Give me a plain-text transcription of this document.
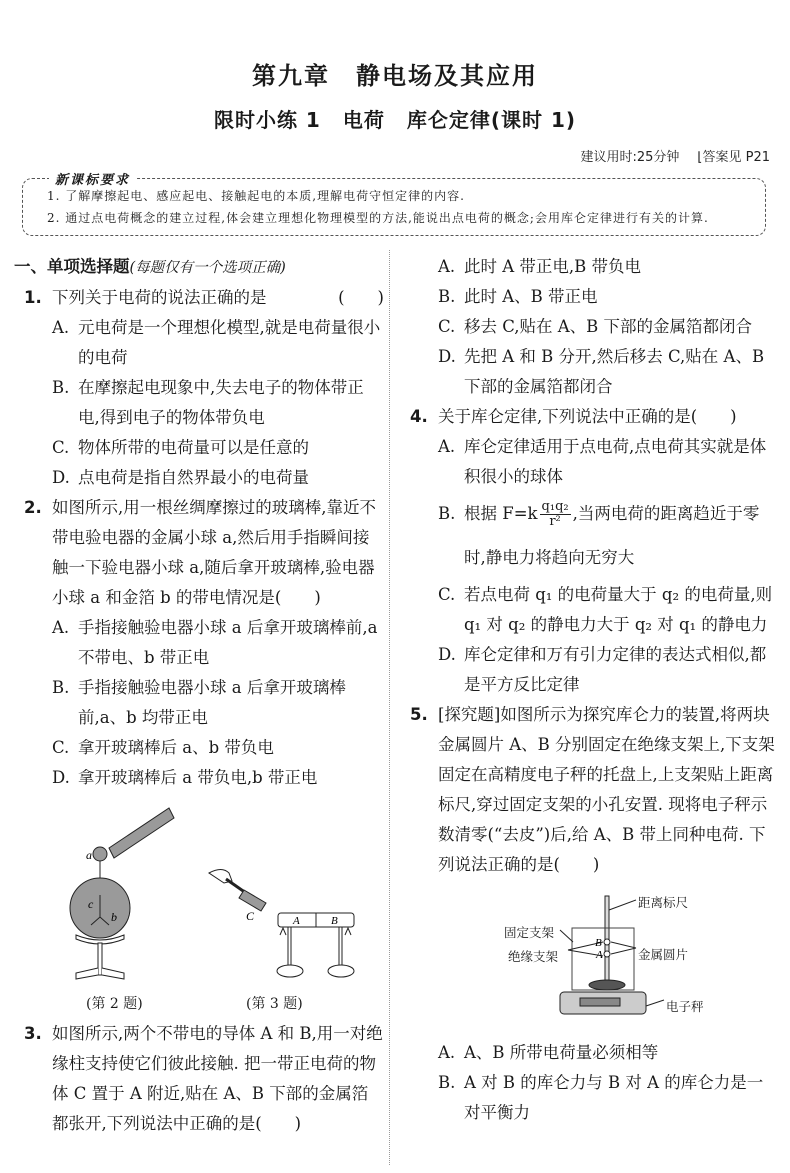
第九章 静电场及其应用
限时小练 1 电荷 库仑定律(课时 1)
建议用时:25分钟 ⌊答案见 P21
新课标要求
1. 了解摩擦起电、感应起电、接触起电的本质,理解电荷守恒定律的内容.
2. 通过点电荷概念的建立过程,体会建立理想化物理模型的方法,能说出点电荷的概念;会用库仑定律进行有关的计算.
一、单项选择题(每题仅有一个选项正确)
1. 下列关于电荷的说法正确的是	(　　)
A. 元电荷是一个理想化模型,就是电荷量很小的电荷
B. 在摩擦起电现象中,失去电子的物体带正电,得到电子的物体带负电
C. 物体所带的电荷量可以是任意的
D. 点电荷是指自然界最小的电荷量
2. 如图所示,用一根丝绸摩擦过的玻璃棒,靠近不带电验电器的金属小球 a,然后用手指瞬间接触一下验电器小球 a,随后拿开玻璃棒,验电器小球 a 和金箔 b 的带电情况是(　　)
A. 手指接触验电器小球 a 后拿开玻璃棒前,a 不带电、b 带正电
B. 手指接触验电器小球 a 后拿开玻璃棒前,a、b 均带正电
C. 拿开玻璃棒后 a、b 带负电
D. 拿开玻璃棒后 a 带负电,b 带正电
a
c
b	C	A	B
(第 2 题)	(第 3 题)
3. 如图所示,两个不带电的导体 A 和 B,用一对绝缘柱支持使它们彼此接触. 把一带正电荷的物体 C 置于 A 附近,贴在 A、B 下部的金属箔都张开,下列说法中正确的是(　　)
A. 此时 A 带正电,B 带负电
B. 此时 A、B 带正电
C. 移去 C,贴在 A、B 下部的金属箔都闭合
D. 先把 A 和 B 分开,然后移去 C,贴在 A、B 下部的金属箔都闭合
4. 关于库仑定律,下列说法中正确的是(　　)
A. 库仑定律适用于点电荷,点电荷其实就是体积很小的球体
B. 根据 $F=k \frac{\text{q₁q₂}}{\text{r²}}$ ,当两电荷的距离趋近于零时,静电力将趋向无穷大
C. 若点电荷 q₁ 的电荷量大于 q₂ 的电荷量,则 q₁ 对 q₂ 的静电力大于 q₂ 对 q₁ 的静电力
D. 库仑定律和万有引力定律的表达式相似,都是平方反比定律
5. [探究题]如图所示为探究库仑力的装置,将两块金属圆片 A、B 分别固定在绝缘支架上,下支架固定在高精度电子秤的托盘上,上支架贴上距离标尺,穿过固定支架的小孔安置. 现将电子秤示数清零(“去皮”)后,给 A、B 带上同种电荷. 下列说法正确的是(　　)
B
A
距离标尺
固定支架
绝缘支架	金属圆片
电子秤
A. A、B 所带电荷量必须相等
B. A 对 B 的库仑力与 B 对 A 的库仑力是一对平衡力
